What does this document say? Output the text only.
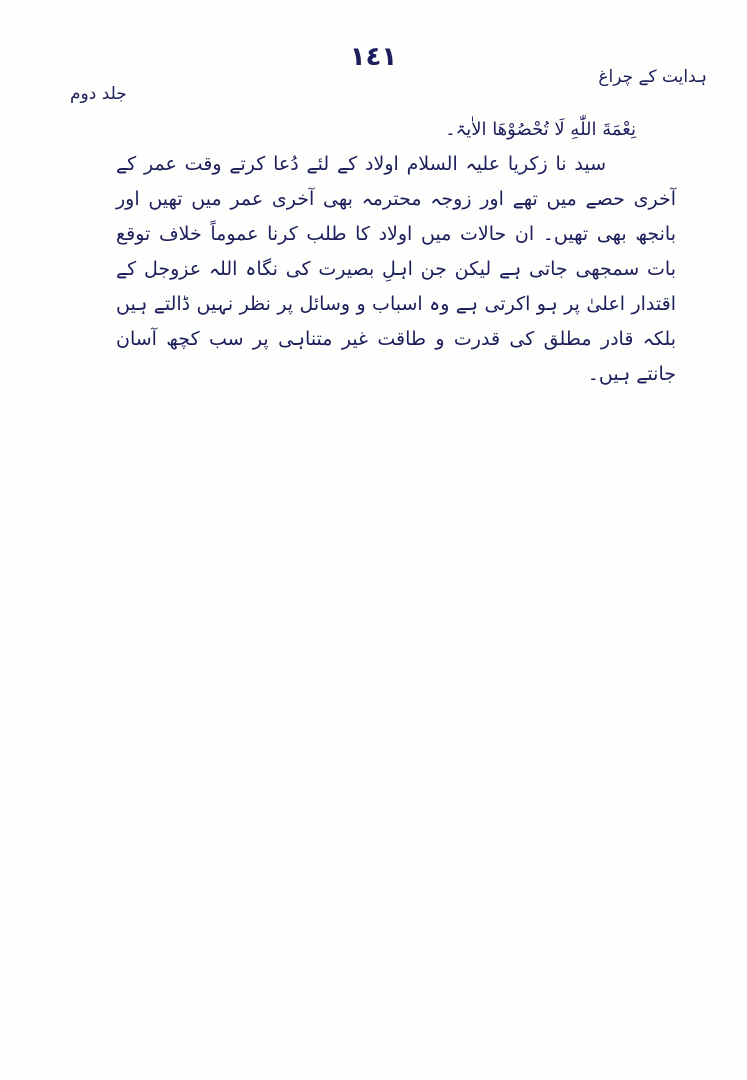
١٤١
ہدایت کے چراغ
جلد دوم

نِعْمَةَ اللّٰهِ لَا تُحْصُوْهَا الاٰیۃ۔

سید نا زکریا علیہ السلام اولاد کے لئے دُعا کرتے وقت عمر کے آخری حصے میں تھے اور زوجہ محترمہ بھی آخری عمر میں تھیں اور بانجھ بھی تھیں۔ ان حالات میں اولاد کا طلب کرنا عموماً خلاف توقع بات سمجھی جاتی ہے لیکن جن اہلِ بصیرت کی نگاہ اللہ عزوجل کے اقتدار اعلیٰ پر ہو اکرتی ہے وہ اسباب و وسائل پر نظر نہیں ڈالتے ہیں بلکہ قادر مطلق کی قدرت و طاقت غیر متناہی پر سب کچھ آسان جانتے ہیں۔
